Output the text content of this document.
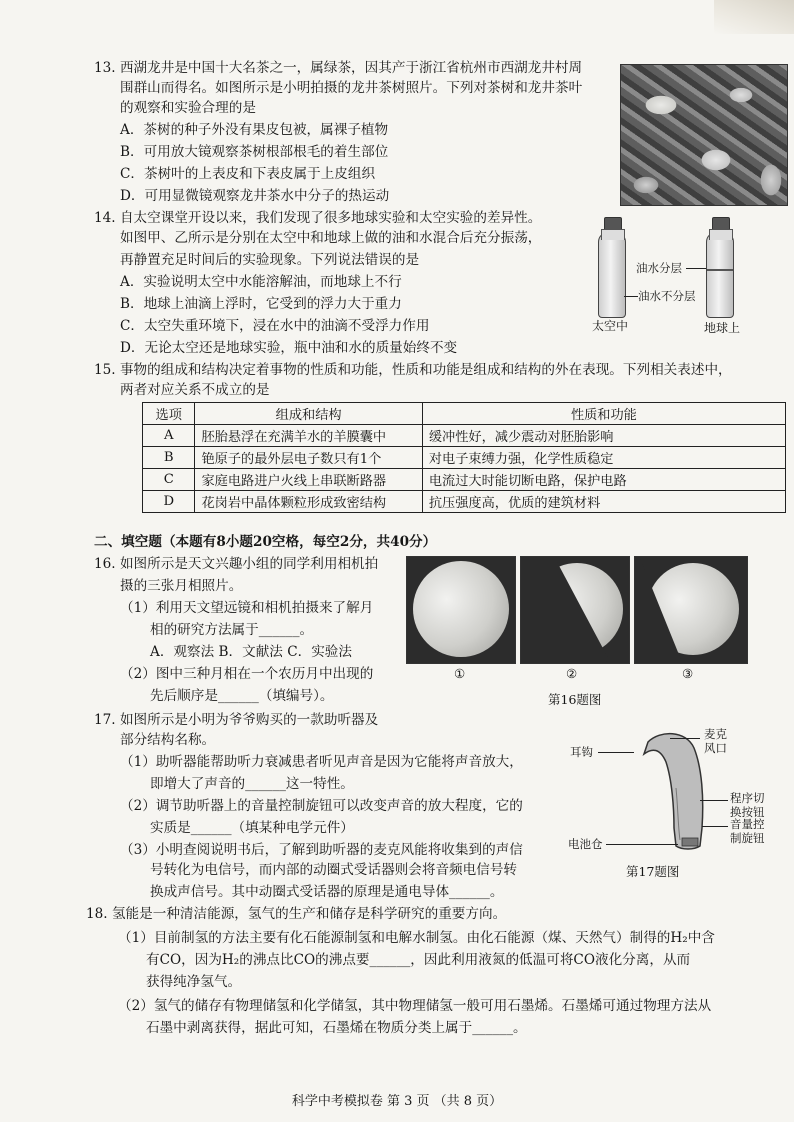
13. 西湖龙井是中国十大名茶之一，属绿茶，因其产于浙江省杭州市西湖龙井村周
围群山而得名。如图所示是小明拍摄的龙井茶树照片。下列对茶树和龙井茶叶
的观察和实验合理的是
A．茶树的种子外没有果皮包被，属裸子植物
B．可用放大镜观察茶树根部根毛的着生部位
C．茶树叶的上表皮和下表皮属于上皮组织
D．可用显微镜观察龙井茶水中分子的热运动
14. 自太空课堂开设以来，我们发现了很多地球实验和太空实验的差异性。
如图甲、乙所示是分别在太空中和地球上做的油和水混合后充分振荡，
再静置充足时间后的实验现象。下列说法错误的是
A．实验说明太空中水能溶解油，而地球上不行
B．地球上油滴上浮时，它受到的浮力大于重力
C．太空失重环境下，浸在水中的油滴不受浮力作用
D．无论太空还是地球实验，瓶中油和水的质量始终不变
油水分层
油水不分层
太空中	地球上
15. 事物的组成和结构决定着事物的性质和功能，性质和功能是组成和结构的外在表现。下列相关表述中，
两者对应关系不成立的是
选项	组成和结构	性质和功能
A	胚胎悬浮在充满羊水的羊膜囊中	缓冲性好，减少震动对胚胎影响
B	铯原子的最外层电子数只有1个	对电子束缚力强，化学性质稳定
C	家庭电路进户火线上串联断路器	电流过大时能切断电路，保护电路
D	花岗岩中晶体颗粒形成致密结构	抗压强度高，优质的建筑材料
二、填空题（本题有8小题20空格，每空2分，共40分）
16. 如图所示是天文兴趣小组的同学利用相机拍
摄的三张月相照片。
（1）利用天文望远镜和相机拍摄来了解月
相的研究方法属于______。
A．观察法 B．文献法 C．实验法
（2）图中三种月相在一个农历月中出现的
先后顺序是______（填编号）。
①	②	③
第16题图
17. 如图所示是小明为爷爷购买的一款助听器及
部分结构名称。
（1）助听器能帮助听力衰减患者听见声音是因为它能将声音放大，
即增大了声音的______这一特性。
（2）调节助听器上的音量控制旋钮可以改变声音的放大程度，它的
实质是______（填某种电学元件）
（3）小明查阅说明书后，了解到助听器的麦克风能将收集到的声信
号转化为电信号，而内部的动圈式受话器则会将音频电信号转
换成声信号。其中动圈式受话器的原理是通电导体______。
麦克
风口
耳钩
程序切
换按钮
音量控
制旋钮
电池仓
第17题图
18. 氢能是一种清洁能源，氢气的生产和储存是科学研究的重要方向。
（1）目前制氢的方法主要有化石能源制氢和电解水制氢。由化石能源（煤、天然气）制得的H₂中含
有CO，因为H₂的沸点比CO的沸点要______，因此利用液氮的低温可将CO液化分离，从而
获得纯净氢气。
（2）氢气的储存有物理储氢和化学储氢，其中物理储氢一般可用石墨烯。石墨烯可通过物理方法从
石墨中剥离获得，据此可知，石墨烯在物质分类上属于______。
科学中考模拟卷 第 3 页 （共 8 页）
